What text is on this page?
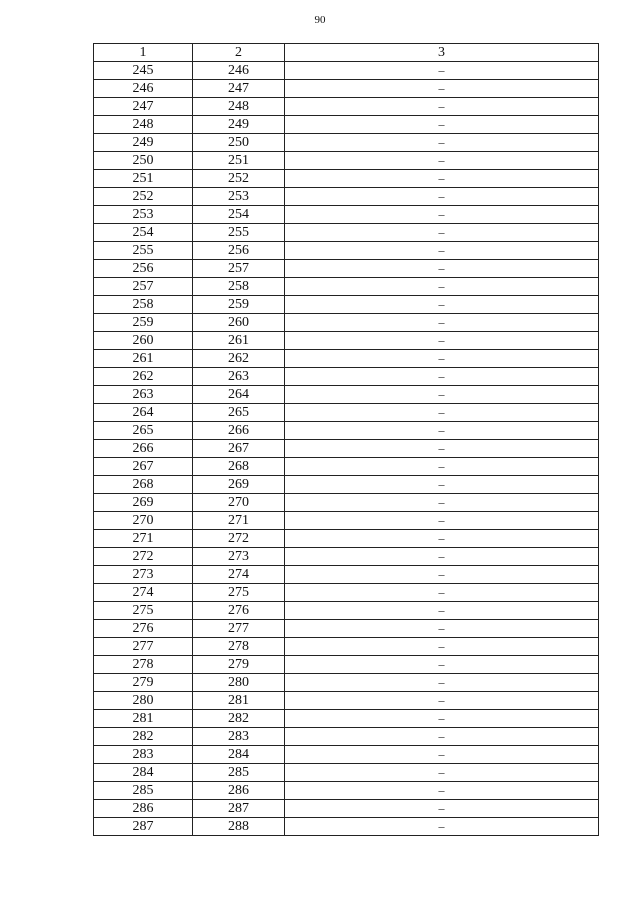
90
1	2	3
245	246	–
246	247	–
247	248	–
248	249	–
249	250	–
250	251	–
251	252	–
252	253	–
253	254	–
254	255	–
255	256	–
256	257	–
257	258	–
258	259	–
259	260	–
260	261	–
261	262	–
262	263	–
263	264	–
264	265	–
265	266	–
266	267	–
267	268	–
268	269	–
269	270	–
270	271	–
271	272	–
272	273	–
273	274	–
274	275	–
275	276	–
276	277	–
277	278	–
278	279	–
279	280	–
280	281	–
281	282	–
282	283	–
283	284	–
284	285	–
285	286	–
286	287	–
287	288	–
